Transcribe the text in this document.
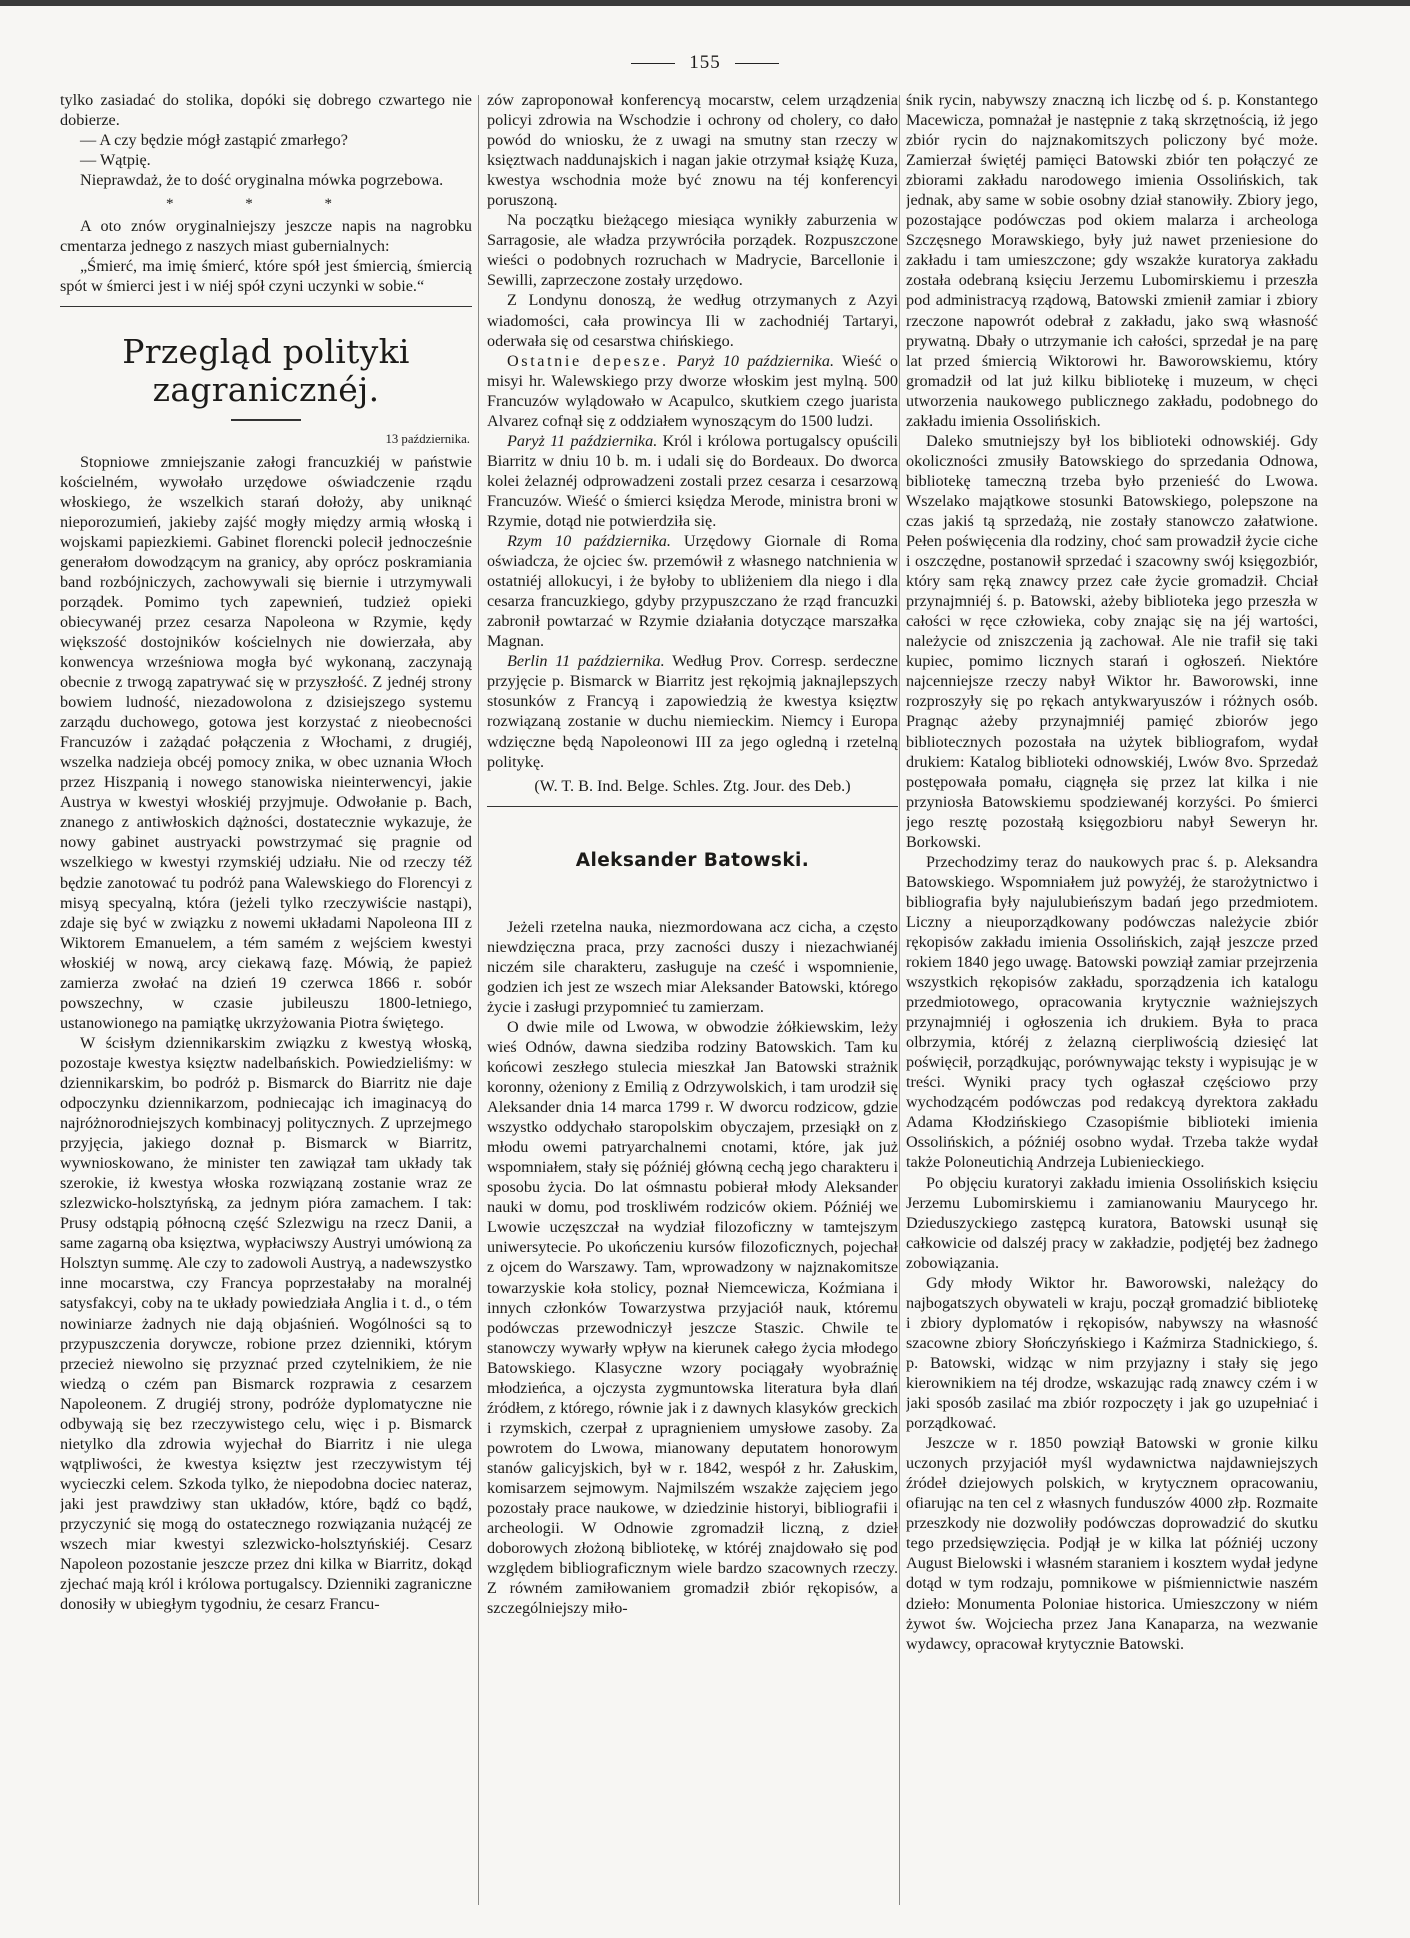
155

tylko zasiadać do stolika, dopóki się dobrego czwartego nie dobierze.

— A czy będzie mógł zastąpić zmarłego?

— Wątpię.

Nieprawdaż, że to dość oryginalna mówka pogrzebowa.

* * *

A oto znów oryginalniejszy jeszcze napis na nagrobku cmentarza jednego z naszych miast gubernialnych:

„Śmierć, ma imię śmierć, które spół jest śmiercią, śmiercią spót w śmierci jest i w niéj spół czyni uczynki w sobie.“

Przegląd polityki zagranicznéj.
13 października.

Stopniowe zmniejszanie załogi francuzkiéj w państwie kościelném, wywołało urzędowe oświadczenie rządu włoskiego, że wszelkich starań dołoży, aby uniknąć nieporozumień, jakieby zajść mogły między armią włoską i wojskami papiezkiemi. Gabinet florencki polecił jednocześnie generałom dowodzącym na granicy, aby oprócz poskramiania band rozbójniczych, zachowywali się bierniе i utrzymywali porządek. Pomimo tych zapewnień, tudzież opieki obiecywanéj przez cesarza Napoleona w Rzymie, kędy większość dostojników kościelnych nie dowierzała, aby konwencya wrześniowa mogła być wykonaną, zaczynają obecnie z trwogą zapatrywać się w przyszłość. Z jednéj strony bowiem ludność, niezadowolona z dzisiejszego systemu zarządu duchowego, gotowa jest korzystać z nieobecności Francuzów i zażądać połączenia z Włochami, z drugiéj, wszelka nadzieja obcéj pomocy znika, w obec uznania Włoch przez Hiszpanią i nowego stanowiska nieinterwencyi, jakie Austrya w kwestyi włoskiéj przyjmuje. Odwołanie p. Bach, znanego z antiwłoskich dążności, dostatecznie wykazuje, że nowy gabinet austryacki powstrzymać się pragnie od wszelkiego w kwestyi rzymskiéj udziału. Nie od rzeczy též będzie zanotować tu podróż pana Walewskiego do Florencyi z misyą specyalną, która (jeżeli tylko rzeczywiście nastąpi), zdaje się być w związku z nowemi układami Napoleona III z Wiktorem Emanuelem, a tém samém z wejściem kwestyi włoskiéj w nową, arcy ciekawą fazę. Mówią, że papież zamierza zwołać na dzień 19 czerwca 1866 r. sobór powszechny, w czasie jubileuszu 1800-letniego, ustanowionego na pamiątkę ukrzyżowania Piotra świętego.

W ścisłym dziennikarskim związku z kwestyą włoską, pozostaje kwestya księztw nadelbańskich. Powiedzieliśmy: w dziennikarskim, bo podróż p. Bismarck do Biarritz nie daje odpoczynku dziennikarzom, podniecając ich imaginacyą do najróżnorodniejszych kombinacyj politycznych. Z uprzejmego przyjęcia, jakiego doznał p. Bismarck w Biarritz, wywnioskowano, że minister ten zawiązał tam układy tak szerokie, iż kwestya włoska rozwiązaną zostanie wraz ze szlezwicko-holsztyńską, za jednym pióra zamachem. I tak: Prusy odstąpią północną część Szlezwigu na rzecz Danii, a same zagarną oba księztwa, wypłaciwszy Austryi umówioną za Holsztyn summę. Ale czy to zadowoli Austryą, a nadewszystko inne mocarstwa, czy Francya poprzestałaby na moralnéj satysfakcyi, coby na te układy powiedziała Anglia i t. d., o tém nowiniarze żadnych nie dają objaśnień. Wogólności są to przypuszczenia dorywcze, robione przez dzienniki, którym przecież niewolno się przyznać przed czytelnikiem, że nie wiedzą o czém pan Bismarck rozprawia z cesarzem Napoleonem. Z drugiéj strony, podróże dyplomatyczne nie odbywają się bez rzeczywistego celu, więc i p. Bismarck nietylko dla zdrowia wyjechał do Biarritz i nie ulega wątpliwości, że kwestya księztw jest rzeczywistym téj wycieczki celem. Szkoda tylko, że niepodobna dociec nateraz, jaki jest prawdziwy stan układów, które, bądź co bądź, przyczynić się mogą do ostatecznego rozwiązania nużącéj ze wszech miar kwestyi szlezwicko-holsztyńskiéj. Cesarz Napoleon pozostanie jeszcze przez dni kilka w Biarritz, dokąd zjechać mają król i królowa portugalscy. Dzienniki zagraniczne donosiły w ubiegłym tygodniu, że cesarz Francu-

zów zaproponował konferencyą mocarstw, celem urządzenia policyi zdrowia na Wschodzie i ochrony od cholery, co dało powód do wniosku, że z uwagi na smutny stan rzeczy w księztwach naddunajskich i nagan jakie otrzymał książę Kuza, kwestya wschodnia może być znowu na téj konferencyi poruszoną.

Na początku bieżącego miesiąca wynikły zaburzenia w Sarragosie, ale władza przywróciła porządek. Rozpuszczone wieści o podobnych rozruchach w Madrycie, Barcellonie i Sewilli, zaprzeczone zostały urzędowo.

Z Londynu donoszą, że według otrzymanych z Azyi wiadomości, cała prowincya Ili w zachodniéj Tartaryi, oderwała się od cesarstwa chińskiego.

Ostatnie depesze. Paryż 10 października. Wieść o misyi hr. Walewskiego przy dworze włoskim jest mylną. 500 Francuzów wylądowało w Acapulco, skutkiem czego juarista Alvarez cofnął się z oddziałem wynoszącym do 1500 ludzi.

Paryż 11 października. Król i królowa portugalscy opuścili Biarritz w dniu 10 b. m. i udali się do Bordeaux. Do dworca kolei żelaznéj odprowadzeni zostali przez cesarza i cesarzową Francuzów. Wieść o śmierci księdza Merode, ministra broni w Rzymie, dotąd nie potwierdziła się.

Rzym 10 października. Urzędowy Giornale di Roma oświadcza, że ojciec św. przemówił z własnego natchnienia w ostatniéj allokucyi, i że byłoby to ubliżeniem dla niego i dla cesarza francuzkiego, gdyby przypuszczano że rząd francuzki zabronił powtarzać w Rzymie działania dotyczące marszałka Magnan.

Berlin 11 października. Według Prov. Corresp. serdeczne przyjęcie p. Bismarck w Biarritz jest rękojmią jaknajlepszych stosunków z Francyą i zapowiedzią że kwestya księztw rozwiązaną zostanie w duchu niemieckim. Niemcy i Europa wdzięczne będą Napoleonowi III za jego ogledną i rzetelną politykę.

(W. T. B. Ind. Belge. Schles. Ztg. Jour. des Deb.)

Aleksander Batowski.

Jeżeli rzetelna nauka, niezmordowana acz cicha, a często niewdzięczna praca, przy zacności duszy i niezachwianéj niczém silе charakteru, zasługuje na cześć i wspomnienie, godzien ich jest ze wszech miar Aleksander Batowski, którego życie i zasługi przypomnieć tu zamierzam.

O dwie mile od Lwowa, w obwodzie żółkiewskim, leży wieś Odnów, dawna siedziba rodziny Batowskich. Tam ku końcowi zeszłego stulecia mieszkał Jan Batowski strażnik koronny, ożeniony z Emilią z Odrzywolskich, i tam urodził się Aleksander dnia 14 marca 1799 r. W dworcu rodzicow, gdzie wszystko oddychało staropolskim obyczajem, przesiąkł on z młodu owemi patryarchalnemi cnotami, które, jak już wspomniałem, stały się późniéj główną cechą jego charakteru i sposobu życia. Do lat ośmnastu pobierał młody Aleksander nauki w domu, pod troskliwém rodziców okiem. Późniéj we Lwowie uczęszczał na wydział filozoficzny w tamtejszym uniwersytecie. Po ukończeniu kursów filozoficznych, pojechał z ojcem do Warszawy. Tam, wprowadzony w najznakomitsze towarzyskie koła stolicy, poznał Niemcewicza, Koźmiana i innych członków Towarzystwa przyjaciół nauk, któremu podówczas przewodniczył jeszcze Staszic. Chwile te stanowczy wywarły wpływ na kierunek całego życia młodego Batowskiego. Klasyczne wzory pociągały wyobraźnię młodzieńca, a ojczysta zygmuntowska literatura była dlań źródłem, z którego, równie jak i z dawnych klasyków greckich i rzymskich, czerpał z upragnieniem umysłowe zasoby. Za powrotem do Lwowa, mianowany deputatem honorowym stanów galicyjskich, był w r. 1842, wespół z hr. Załuskim, komisarzem sejmowym. Najmilszém wszakże zajęciem jego pozostały prace naukowe, w dziedzinie historyi, bibliografii i archeologii. W Odnowie zgromadził liczną, z dzieł doborowych złożoną bibliotekę, w któréj znajdowało się pod względem bibliograficznym wiele bardzo szacownych rzeczy. Z równém zamiłowaniem gromadził zbiór rękopisów, a szczególniejszy miło-

śnik rycin, nabywszy znaczną ich liczbę od ś. p. Konstantego Macewicza, pomnażał je następnie z taką skrzętnością, iż jego zbiór rycin do najznakomitszych policzony być może. Zamierzał świętéj pamięci Batowski zbiór ten połączyć ze zbiorami zakładu narodowego imienia Ossolińskich, tak jednak, aby same w sobie osobny dział stanowiły. Zbiory jego, pozostające podówczas pod okiem malarza i archeologa Szczęsnego Morawskiego, były już nawet przeniesione do zakładu i tam umieszczone; gdy wszakże kuratorya zakładu została odebraną księciu Jerzemu Lubomirskiemu i przeszła pod administracyą rządową, Batowski zmienił zamiar i zbiory rzeczone napowrót odebrał z zakładu, jako swą własność prywatną. Dbały o utrzymanie ich całości, sprzedał je na parę lat przed śmiercią Wiktorowi hr. Baworowskiemu, który gromadził od lat już kilku bibliotekę i muzeum, w chęci utworzenia naukowego publicznego zakładu, podobnego do zakładu imienia Ossolińskich.

Daleko smutniejszy był los biblioteki odnowskiéj. Gdy okoliczności zmusiły Batowskiego do sprzedania Odnowa, bibliotekę tameczną trzeba było przenieść do Lwowa. Wszelako majątkowe stosunki Batowskiego, polepszone na czas jakiś tą sprzedażą, nie zostały stanowczo załatwione. Pełen poświęcenia dla rodziny, choć sam prowadził życie ciche i oszczędne, postanowił sprzedać i szacowny swój księgozbiór, który sam ręką znawcy przez całe życie gromadził. Chciał przynajmniéj ś. p. Batowski, ażeby biblioteka jego przeszła w całości w ręce człowieka, coby znając się na jéj wartości, należycie od zniszczenia ją zachował. Ale nie trafił się taki kupiec, pomimo licznych starań i ogłoszeń. Niektóre najcenniejsze rzeczy nabył Wiktor hr. Baworowski, inne rozproszyły się po rękach antykwaryuszów i różnych osób. Pragnąc ażeby przynajmniéj pamięć zbiorów jego bibliotecznych pozostała na użytek bibliografom, wydał drukiem: Katalog biblioteki odnowskiéj, Lwów 8vo. Sprzedaż postępowała pomału, ciągnęła się przez lat kilka i nie przyniosła Batowskiemu spodziewanéj korzyści. Po śmierci jego resztę pozostałą księgozbioru nabył Seweryn hr. Borkowski.

Przechodzimy teraz do naukowych prac ś. p. Aleksandra Batowskiego. Wspomniałem już powyżéj, że starożytnictwo i bibliografia były najulubieńszym badań jego przedmiotem. Liczny a nieuporządkowany podówczas należycie zbiór rękopisów zakładu imienia Ossolińskich, zajął jeszcze przed rokiem 1840 jego uwagę. Batowski powziął zamiar przejrzenia wszystkich rękopisów zakładu, sporządzenia ich katalogu przedmiotowego, opracowania krytycznie ważniejszych przynajmniéj i ogłoszenia ich drukiem. Była to praca olbrzymia, któréj z żelazną cierpliwością dziesięć lat poświęcił, porządkując, porównywając teksty i wypisując je w treści. Wyniki pracy tych ogłaszał częściowo przy wychodzącém podówczas pod redakcyą dyrektora zakładu Adama Kłodzińskiego Czasopiśmie biblioteki imienia Ossolińskich, a późniéj osobno wydał. Trzeba także wydał także Poloneutichią Andrzeja Lubienieckiego.

Po objęciu kuratoryi zakładu imienia Ossolińskich księciu Jerzemu Lubomirskiemu i zamianowaniu Maurycego hr. Dzieduszyckiego zastępcą kuratora, Batowski usunął się całkowicie od dalszéj pracy w zakładzie, podjętéj bez żadnego zobowiązania.

Gdy młody Wiktor hr. Baworowski, należący do najbogatszych obywateli w kraju, począł gromadzić bibliotekę i zbiory dyplomatów i rękopisów, nabywszy na własność szacowne zbiory Słończyńskiego i Kaźmirza Stadnickiego, ś. p. Batowski, widząc w nim przyjazny i stały się jego kierownikiem na téj drodze, wskazując radą znawcy czém i w jaki sposób zasilać ma zbiór rozpoczęty i jak go uzupełniać i porządkować.

Jeszcze w r. 1850 powziął Batowski w gronie kilku uczonych przyjaciół myśl wydawnictwa najdawniejszych źródeł dziejowych polskich, w krytycznem opracowaniu, ofiarując na ten cel z własnych funduszów 4000 złp. Rozmaite przeszkody nie dozwoliły podówczas doprowadzić do skutku tego przedsięwzięcia. Podjął je w kilka lat późniéj uczony August Bielowski i własném staraniem i kosztem wydał jedyne dotąd w tym rodzaju, pomnikowe w piśmiennictwie naszém dzieło: Monumenta Poloniae historica. Umieszczony w niém żywot św. Wojciecha przez Jana Kanaparza, na wezwanie wydawcy, opracował krytycznie Batowski.
